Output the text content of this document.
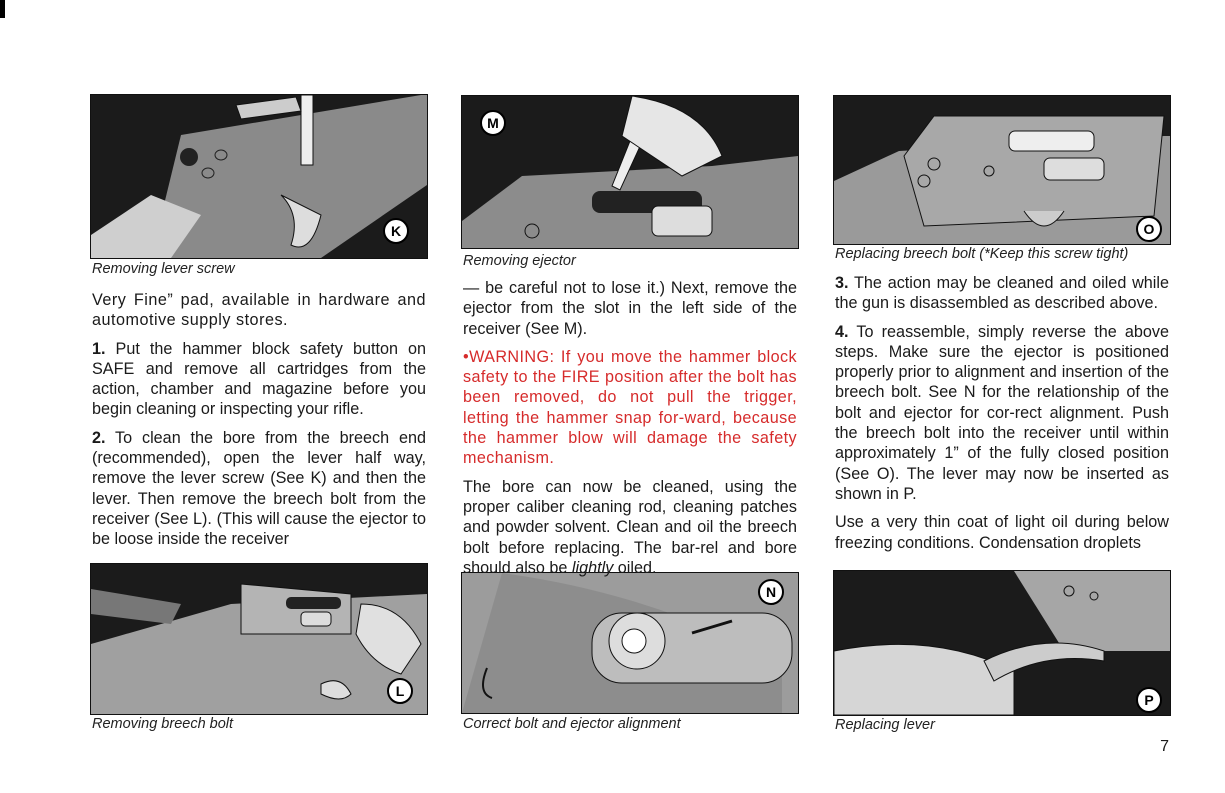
K
Removing lever screw
M
Removing ejector
O
Replacing breech bolt (*Keep this screw tight)
L
Removing breech bolt
N
Correct bolt and ejector alignment
P
Replacing lever

Very Fine” pad, available in hardware and automotive supply stores.

1. Put the hammer block safety button on SAFE and remove all cartridges from the action, chamber and magazine before you begin cleaning or inspecting your rifle.

2. To clean the bore from the breech end (recommended), open the lever half way, remove the lever screw (See K) and then the lever. Then remove the breech bolt from the receiver (See L). (This will cause the ejector to be loose inside the receiver

— be careful not to lose it.) Next, remove the ejector from the slot in the left side of the receiver (See M).

•WARNING: If you move the hammer block safety to the FIRE position after the bolt has been removed, do not pull the trigger, letting the hammer snap for-ward, because the hammer blow will damage the safety mechanism.

The bore can now be cleaned, using the proper caliber cleaning rod, cleaning patches and powder solvent. Clean and oil the breech bolt before replacing. The bar-rel and bore should also be lightly oiled.

3. The action may be cleaned and oiled while the gun is disassembled as described above.

4. To reassemble, simply reverse the above steps. Make sure the ejector is positioned properly prior to alignment and insertion of the breech bolt. See N for the relationship of the bolt and ejector for cor-rect alignment. Push the breech bolt into the receiver until within approximately 1” of the fully closed position (See O). The lever may now be inserted as shown in P.

Use a very thin coat of light oil during below freezing conditions. Condensation droplets

7
